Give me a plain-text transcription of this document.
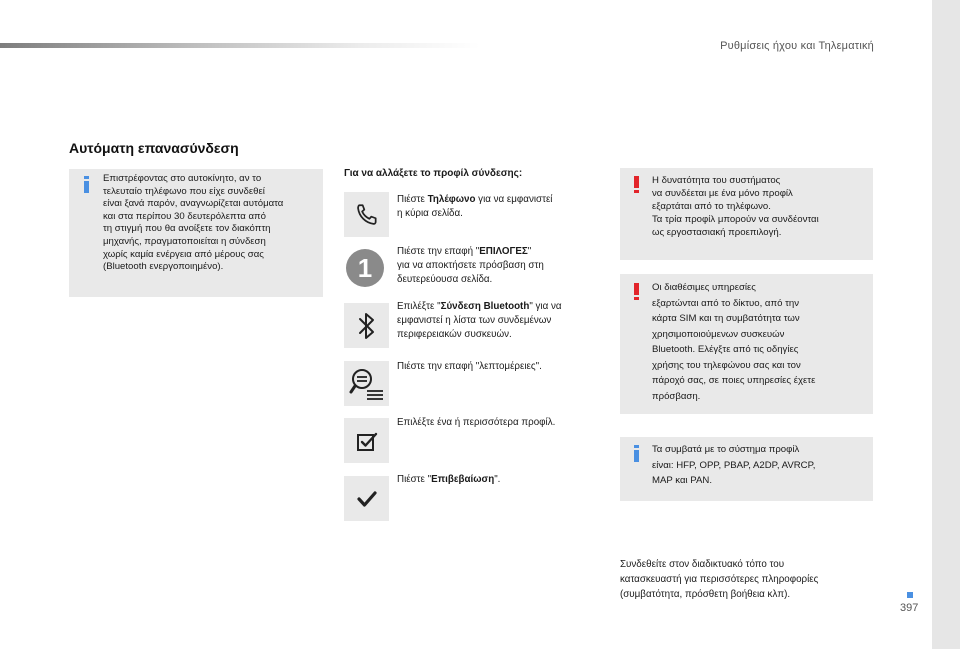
Ρυθμίσεις ήχου και Τηλεματική
Αυτόματη επανασύνδεση
Επιστρέφοντας στο αυτοκίνητο, αν το
τελευταίο τηλέφωνο που είχε συνδεθεί
είναι ξανά παρόν, αναγνωρίζεται αυτόματα
και στα περίπου 30 δευτερόλεπτα από
τη στιγμή που θα ανοίξετε τον διακόπτη
μηχανής, πραγματοποιείται η σύνδεση
χωρίς καμία ενέργεια από μέρους σας
(Bluetooth ενεργοποιημένο).
Για να αλλάξετε το προφίλ σύνδεσης:
Πιέστε Τηλέφωνο για να εμφανιστεί
η κύρια σελίδα.
1
Πιέστε την επαφή "ΕΠΙΛΟΓΕΣ"
για να αποκτήσετε πρόσβαση στη
δευτερεύουσα σελίδα.
Επιλέξτε "Σύνδεση Bluetooth" για να
εμφανιστεί η λίστα των συνδεμένων
περιφερειακών συσκευών.
Πιέστε την επαφή "λεπτομέρειες".
Επιλέξτε ένα ή περισσότερα προφίλ.
Πιέστε "Επιβεβαίωση".
Η δυνατότητα του συστήματος
να συνδέεται με ένα μόνο προφίλ
εξαρτάται από το τηλέφωνο.
Τα τρία προφίλ μπορούν να συνδέονται
ως εργοστασιακή προεπιλογή.
Οι διαθέσιμες υπηρεσίες
εξαρτώνται από το δίκτυο, από την
κάρτα SIM και τη συμβατότητα των
χρησιμοποιούμενων συσκευών
Bluetooth. Ελέγξτε από τις οδηγίες
χρήσης του τηλεφώνου σας και τον
πάροχό σας, σε ποιες υπηρεσίες έχετε
πρόσβαση.
Τα συμβατά με το σύστημα προφίλ
είναι: HFP, OPP, PBAP, A2DP, AVRCP,
MAP και PAN.
Συνδεθείτε στον διαδικτυακό τόπο του
κατασκευαστή για περισσότερες πληροφορίες
(συμβατότητα, πρόσθετη βοήθεια κλπ).
397
